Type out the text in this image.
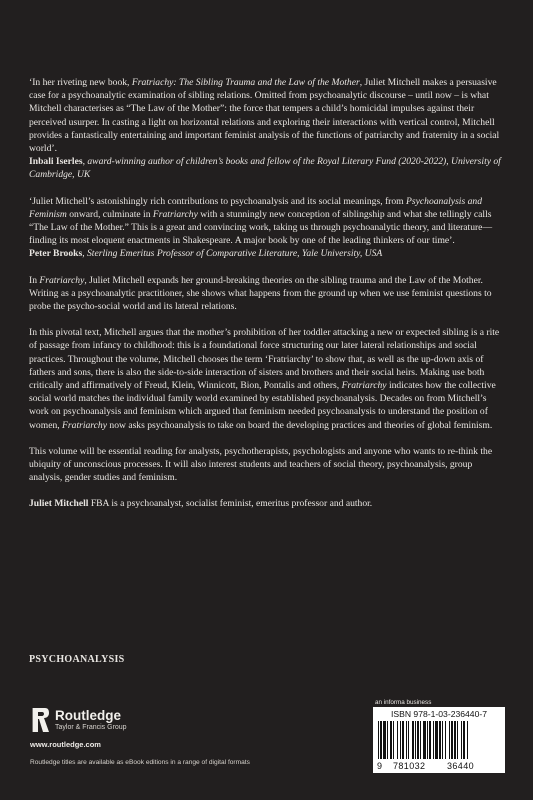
‘In her riveting new book, Fratriachy: The Sibling Trauma and the Law of the Mother, Juliet Mitchell makes a persuasive case for a psychoanalytic examination of sibling relations. Omitted from psychoanalytic discourse – until now – is what Mitchell characterises as “The Law of the Mother”: the force that tempers a child’s homicidal impulses against their perceived usurper. In casting a light on horizontal relations and exploring their interactions with vertical control, Mitchell provides a fantastically entertaining and important feminist analysis of the functions of patriarchy and fraternity in a social world’.

Inbali Iserles, award-winning author of children’s books and fellow of the Royal Literary Fund (2020-2022), University of Cambridge, UK

‘Juliet Mitchell’s astonishingly rich contributions to psychoanalysis and its social meanings, from Psychoanalysis and Feminism onward, culminate in Fratriarchy with a stunningly new conception of siblingship and what she tellingly calls “The Law of the Mother.” This is a great and convincing work, taking us through psychoanalytic theory, and literature—finding its most eloquent enactments in Shakespeare. A major book by one of the leading thinkers of our time’.

Peter Brooks, Sterling Emeritus Professor of Comparative Literature, Yale University, USA

In Fratriarchy, Juliet Mitchell expands her ground-breaking theories on the sibling trauma and the Law of the Mother. Writing as a psychoanalytic practitioner, she shows what happens from the ground up when we use feminist questions to probe the psycho-social world and its lateral relations.

In this pivotal text, Mitchell argues that the mother’s prohibition of her toddler attacking a new or expected sibling is a rite of passage from infancy to childhood: this is a foundational force structuring our later lateral relationships and social practices. Throughout the volume, Mitchell chooses the term ‘Fratriarchy’ to show that, as well as the up-down axis of fathers and sons, there is also the side-to-side interaction of sisters and brothers and their social heirs. Making use both critically and affirmatively of Freud, Klein, Winnicott, Bion, Pontalis and others, Fratriarchy indicates how the collective social world matches the individual family world examined by established psychoanalysis. Decades on from Mitchell’s work on psychoanalysis and feminism which argued that feminism needed psychoanalysis to understand the position of women, Fratriarchy now asks psychoanalysis to take on board the developing practices and theories of global feminism.

This volume will be essential reading for analysts, psychotherapists, psychologists and anyone who wants to re-think the ubiquity of unconscious processes. It will also interest students and teachers of social theory, psychoanalysis, group analysis, gender studies and feminism.

Juliet Mitchell FBA is a psychoanalyst, socialist feminist, emeritus professor and author.

PSYCHOANALYSIS
Routledge
Taylor & Francis Group
www.routledge.com
Routledge titles are available as eBook editions in a range of digital formats
an informa business
ISBN 978-1-03-236440-7
9 781032 36440
